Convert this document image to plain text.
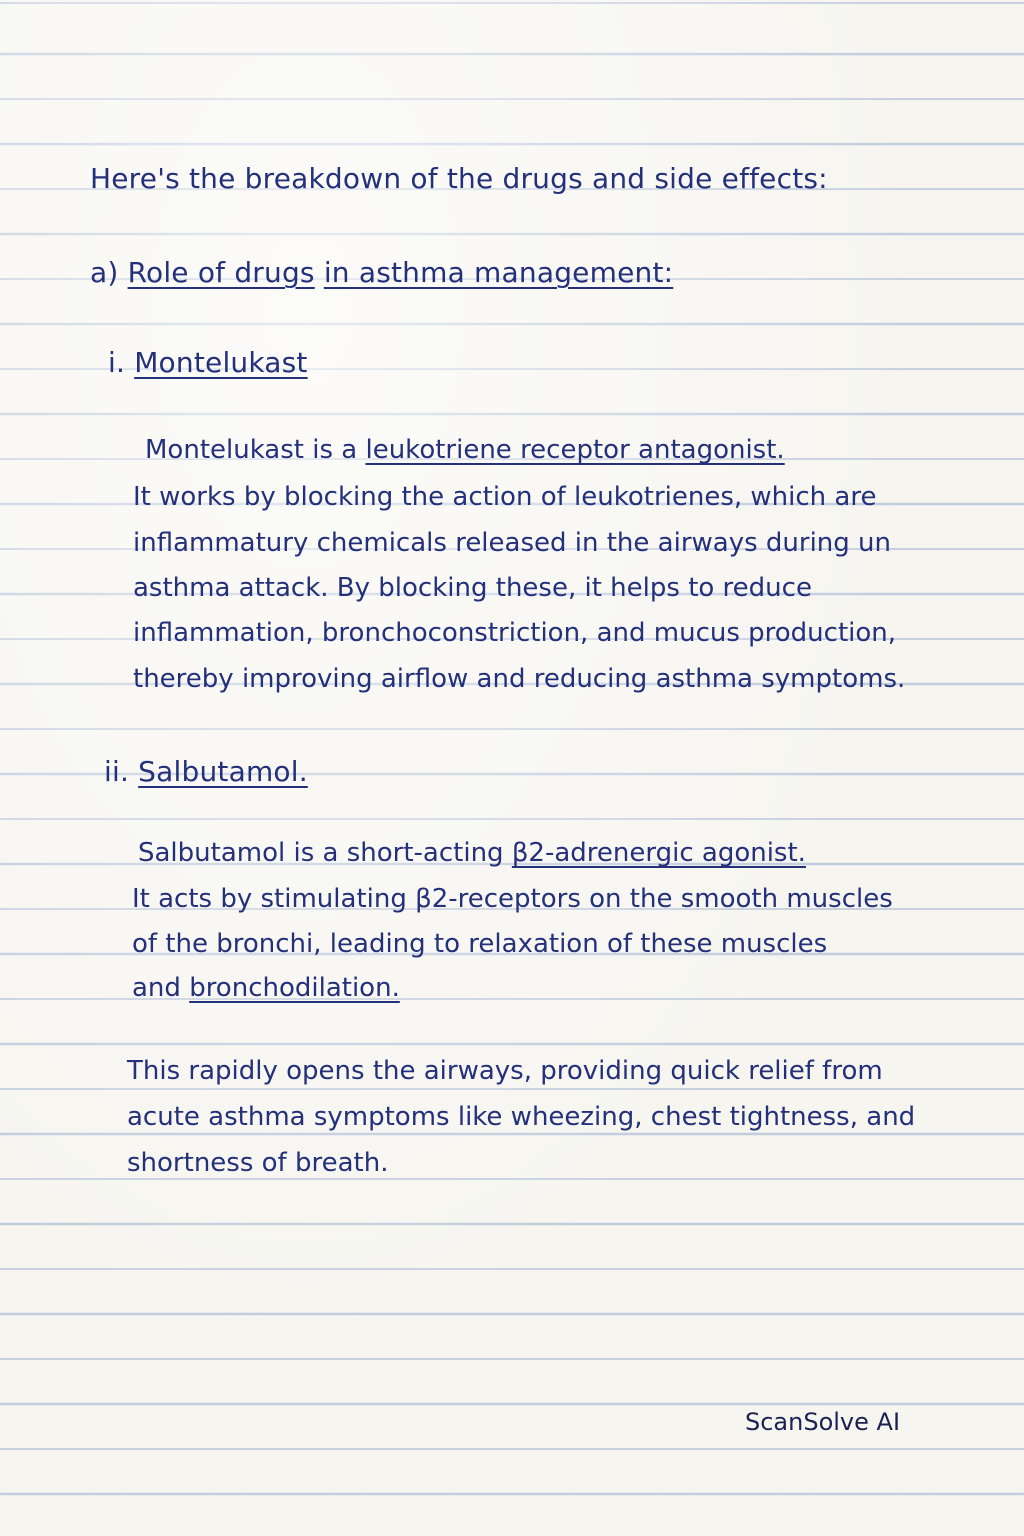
Here's the breakdown of the drugs and side effects:
a) Role of drugs in asthma management:
i. Montelukast
Montelukast is a leukotriene receptor antagonist.
It works by blocking the action of leukotrienes, which are
inflammatury chemicals released in the airways during un
asthma attack. By blocking these, it helps to reduce
inflammation, bronchoconstriction, and mucus production,
thereby improving airflow and reducing asthma symptoms.
ii. Salbutamol.
Salbutamol is a short-acting β2-adrenergic agonist.
It acts by stimulating β2-receptors on the smooth muscles
of the bronchi, leading to relaxation of these muscles
and bronchodilation.
This rapidly opens the airways, providing quick relief from
acute asthma symptoms like wheezing, chest tightness, and
shortness of breath.
ScanSolve AI
